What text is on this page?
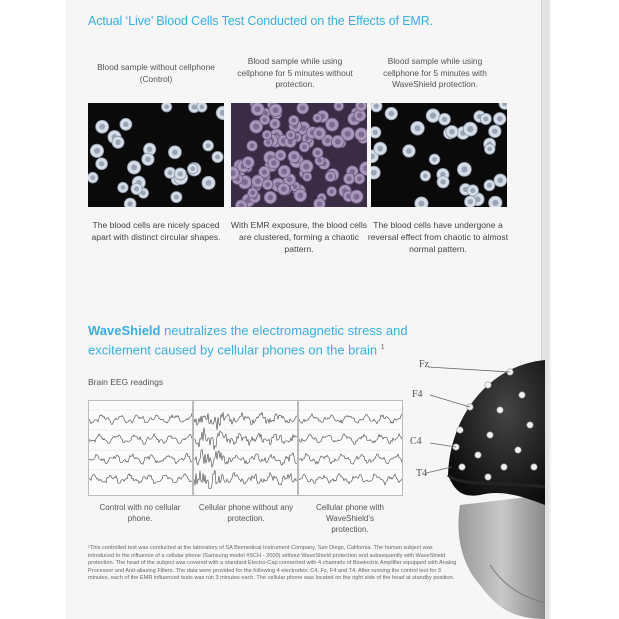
Actual ‘Live’ Blood Cells Test Conducted on the Effects of EMR.
Blood sample without cellphone (Control)
Blood sample while using cellphone for 5 minutes without protection.
Blood sample while using cellphone for 5 minutes with WaveShield protection.
The blood cells are nicely spaced apart with distinct circular shapes.
With EMR exposure, the blood cells are clustered, forming a chaotic pattern.
The blood cells have undergone a reversal effect from chaotic to almost normal pattern.
WaveShield neutralizes the electromagnetic stress and
excitement caused by cellular phones on the brain $^1$
Brain EEG readings
Control with no cellular phone.
Cellular phone without any protection.
Cellular phone with WaveShield’s protection.
Fz
F4
C4
T4
¹This controlled test was conducted at the laboratory of SA Biomedical Instrument Company, San Diego, California. The human subject was introduced to the influence of a cellular phone (Samsung model #SCH - 2000) without WaveShield protection and subsequently with WaveShield protection. The head of the subject was covered with a standard Electro-Cap connected with 4 channels of Bioelectric Amplifier equipped with Analog Processor and Anti-aliasing Filters. The data were provided for the following 4 electrodes: C4, Fz, F4 and T4. After running the control test for 3 minutes, each of the EMR influenced tests was run 3 minutes each. The cellular phone was located on the right side of the head at standby position.
